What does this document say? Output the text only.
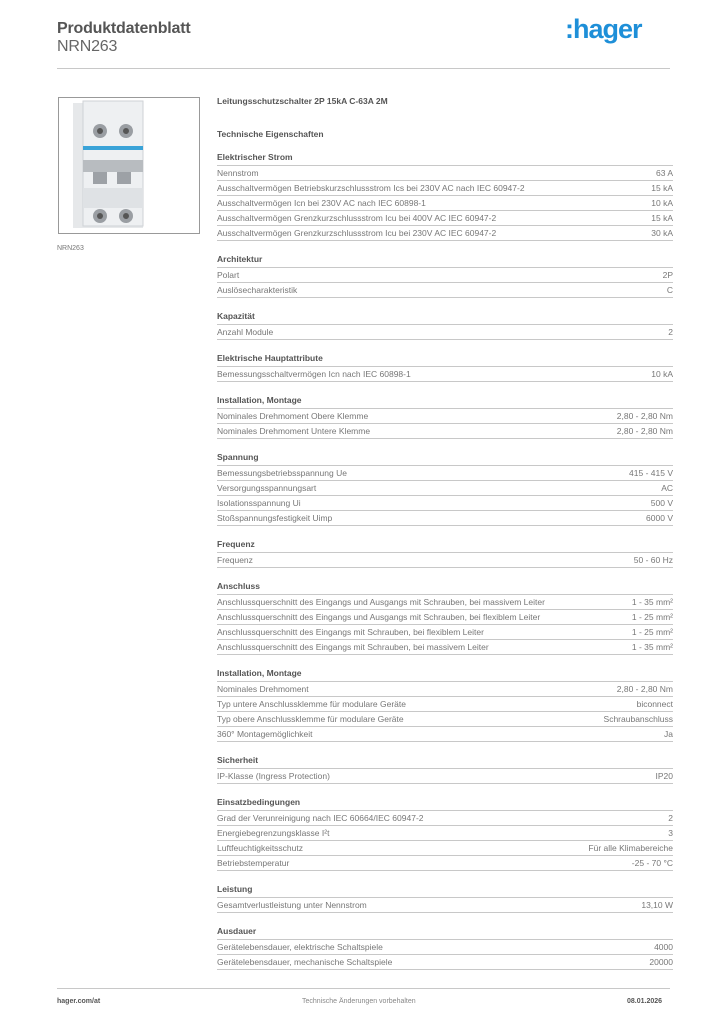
Produktdatenblatt
NRN263
:hager
NRN263
Leitungsschutzschalter 2P 15kA C-63A 2M
Technische Eigenschaften
Elektrischer Strom
Nennstrom	63 A
Ausschaltvermögen Betriebskurzschlussstrom Ics bei 230V AC nach IEC 60947-2	15 kA
Ausschaltvermögen Icn bei 230V AC nach IEC 60898-1	10 kA
Ausschaltvermögen Grenzkurzschlussstrom Icu bei 400V AC IEC 60947-2	15 kA
Ausschaltvermögen Grenzkurzschlussstrom Icu bei 230V AC IEC 60947-2	30 kA
Architektur
Polart	2P
Auslösecharakteristik	C
Kapazität
Anzahl Module	2
Elektrische Hauptattribute
Bemessungsschaltvermögen Icn nach IEC 60898-1	10 kA
Installation, Montage
Nominales Drehmoment Obere Klemme	2,80 - 2,80 Nm
Nominales Drehmoment Untere Klemme	2,80 - 2,80 Nm
Spannung
Bemessungsbetriebsspannung Ue	415 - 415 V
Versorgungsspannungsart	AC
Isolationsspannung Ui	500 V
Stoßspannungsfestigkeit Uimp	6000 V
Frequenz
Frequenz	50 - 60 Hz
Anschluss
Anschlussquerschnitt des Eingangs und Ausgangs mit Schrauben, bei massivem Leiter	1 - 35 mm²
Anschlussquerschnitt des Eingangs und Ausgangs mit Schrauben, bei flexiblem Leiter	1 - 25 mm²
Anschlussquerschnitt des Eingangs mit Schrauben, bei flexiblem Leiter	1 - 25 mm²
Anschlussquerschnitt des Eingangs mit Schrauben, bei massivem Leiter	1 - 35 mm²
Installation, Montage
Nominales Drehmoment	2,80 - 2,80 Nm
Typ untere Anschlussklemme für modulare Geräte	biconnect
Typ obere Anschlussklemme für modulare Geräte	Schraubanschluss
360° Montagemöglichkeit	Ja
Sicherheit
IP-Klasse (Ingress Protection)	IP20
Einsatzbedingungen
Grad der Verunreinigung nach IEC 60664/IEC 60947-2	2
Energiebegrenzungsklasse I²t	3
Luftfeuchtigkeitsschutz	Für alle Klimabereiche
Betriebstemperatur	-25 - 70 °C
Leistung
Gesamtverlustleistung unter Nennstrom	13,10 W
Ausdauer
Gerätelebensdauer, elektrische Schaltspiele	4000
Gerätelebensdauer, mechanische Schaltspiele	20000
hager.com/at	Technische Änderungen vorbehalten	08.01.2026
